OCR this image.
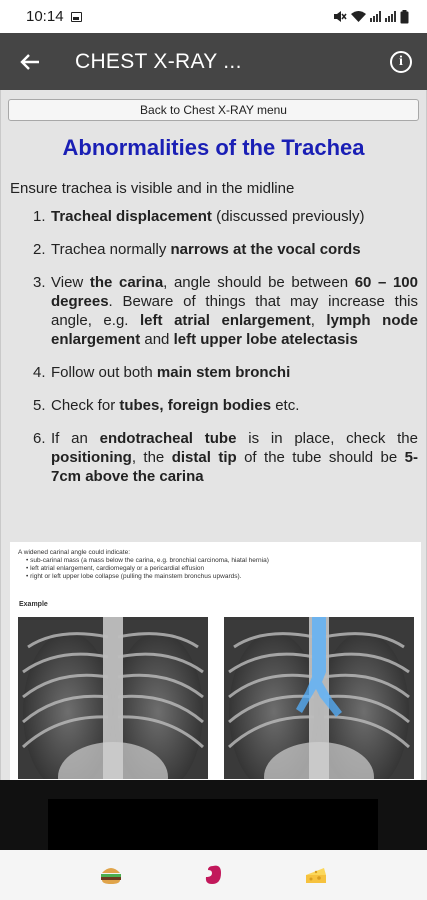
10:14
CHEST X-RAY ...	i
Back to Chest X-RAY menu
Abnormalities of the Trachea
Ensure trachea is visible and in the midline
1. Tracheal displacement (discussed previously)
2. Trachea normally narrows at the vocal cords
3. View the carina, angle should be between 60 – 100 degrees. Beware of things that may increase this angle, e.g. left atrial enlargement, lymph node enlargement and left upper lobe atelectasis
4. Follow out both main stem bronchi
5. Check for tubes, foreign bodies etc.
6. If an endotracheal tube is in place, check the positioning, the distal tip of the tube should be 5-7cm above the carina
A widened carinal angle could indicate:
• sub-carinal mass (a mass below the carina, e.g. bronchial carcinoma, hiatal hernia)
• left atrial enlargement, cardiomegaly or a pericardial effusion
• right or left upper lobe collapse (pulling the mainstem bronchus upwards).
Example
